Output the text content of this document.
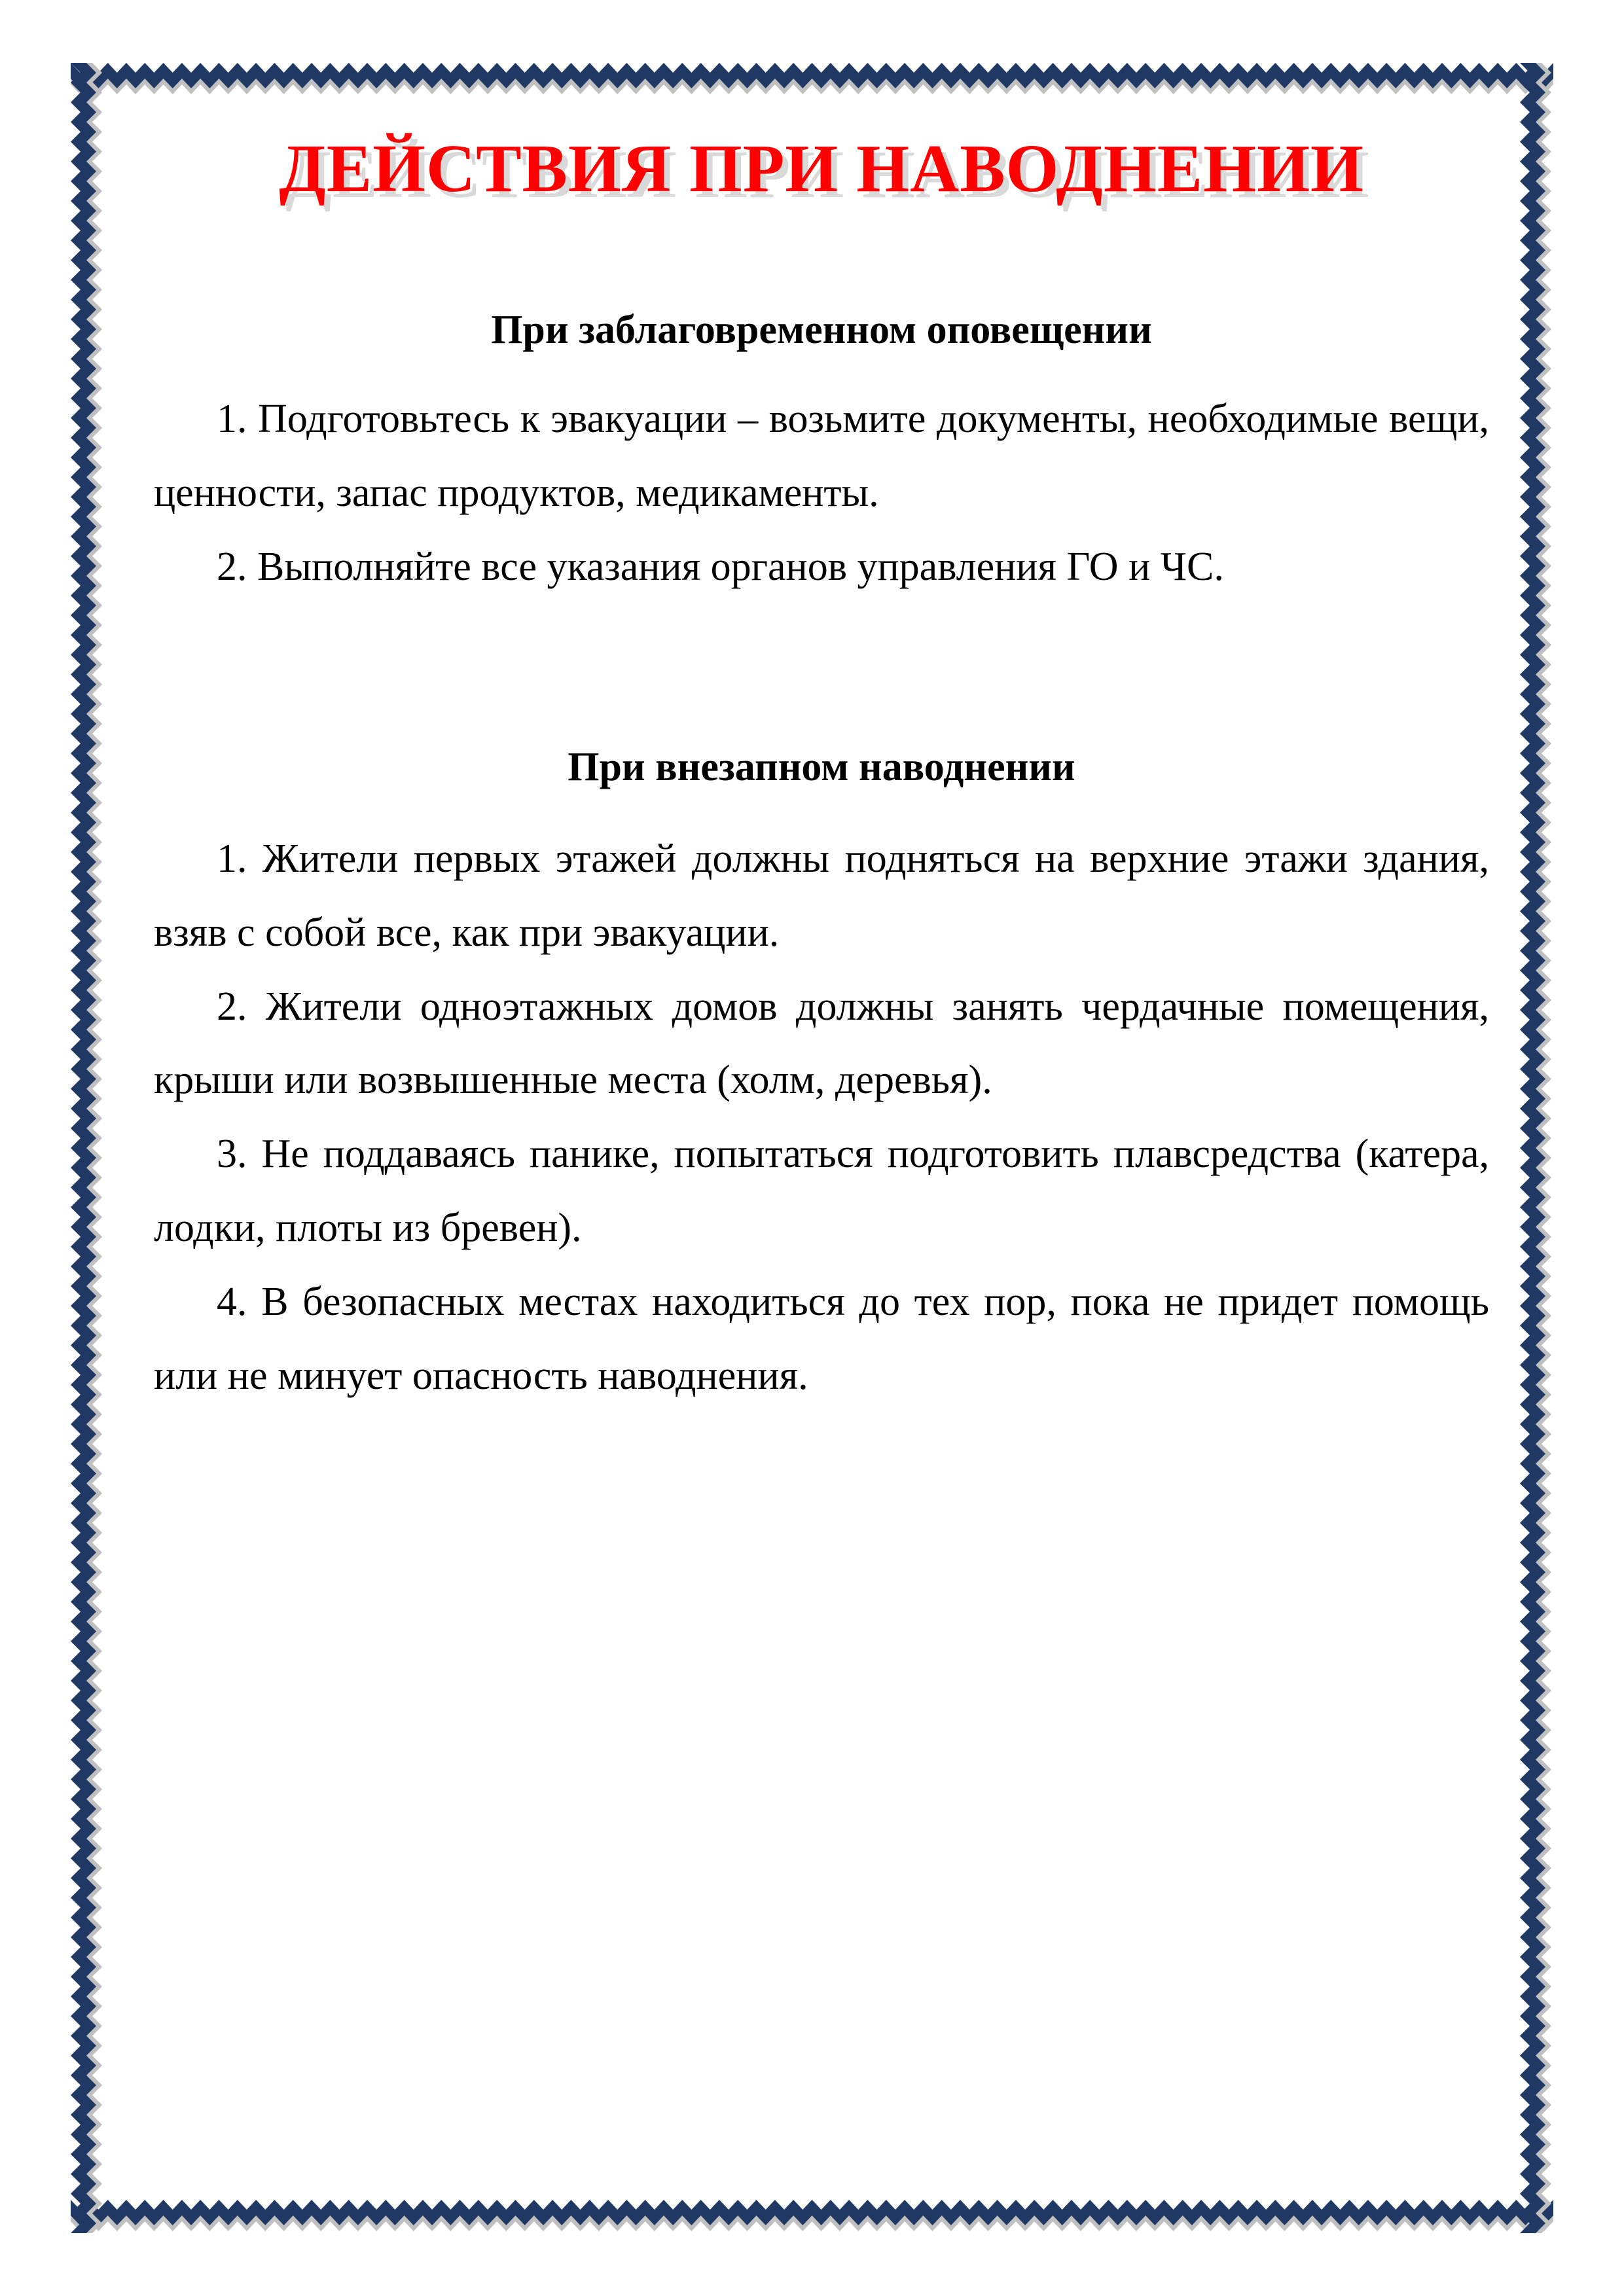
ДЕЙСТВИЯ ПРИ НАВОДНЕНИИ
При заблаговременном оповещении

1. Подготовьтесь к эвакуации – возьмите документы, необходимые вещи, ценности, запас продуктов, медикаменты.

2. Выполняйте все указания органов управления ГО и ЧС.

При внезапном наводнении

1. Жители первых этажей должны подняться на верхние этажи здания, взяв с собой все, как при эвакуации.

2. Жители одноэтажных домов должны занять чердачные помещения, крыши или возвышенные места (холм, деревья).

3. Не поддаваясь панике, попытаться подготовить плавсредства (катера, лодки, плоты из бревен).

4. В безопасных местах находиться до тех пор, пока не придет помощь или не минует опасность наводнения.
